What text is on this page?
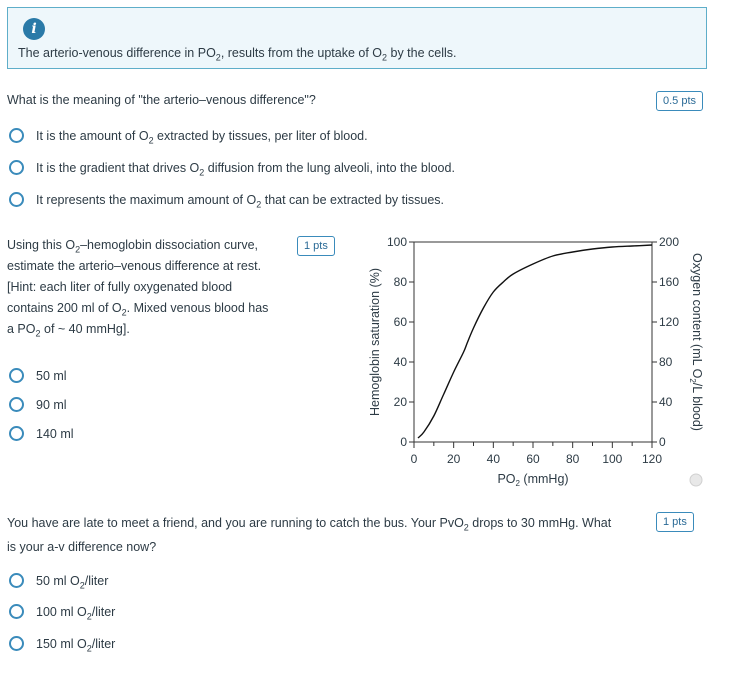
i
The arterio-venous difference in $PO_2$, results from the uptake of $O_2$ by the cells.
What is the meaning of "the arterio–venous difference"?	0.5 pts
It is the amount of $O_2$ extracted by tissues, per liter of blood.
It is the gradient that drives $O_2$ diffusion from the lung alveoli, into the blood.
It represents the maximum amount of $O_2$ that can be extracted by tissues.
Using this $O_2$–hemoglobin dissociation curve,
estimate the arterio–venous difference at rest.
[Hint: each liter of fully oxygenated blood
contains 200 ml of $O_2$. Mixed venous blood has
a $PO_2$ of ~ 40 mmHg].
1 pts
50 ml
90 ml
140 ml
0 20 40 60 80 100 120
0
20
40
60
80
100
0
40
80
120
160
200
Hemoglobin saturation (%)
$PO_2$ (mmHg)
Oxygen content (mL $O_2/L$ blood)
You have are late to meet a friend, and you are running to catch the bus. Your PvO$_2$ drops to 30 mmHg. What
is your a-v difference now?
1 pts
50 ml $O_2$/liter
100 ml $O_2$/liter
150 ml $O_2$/liter
